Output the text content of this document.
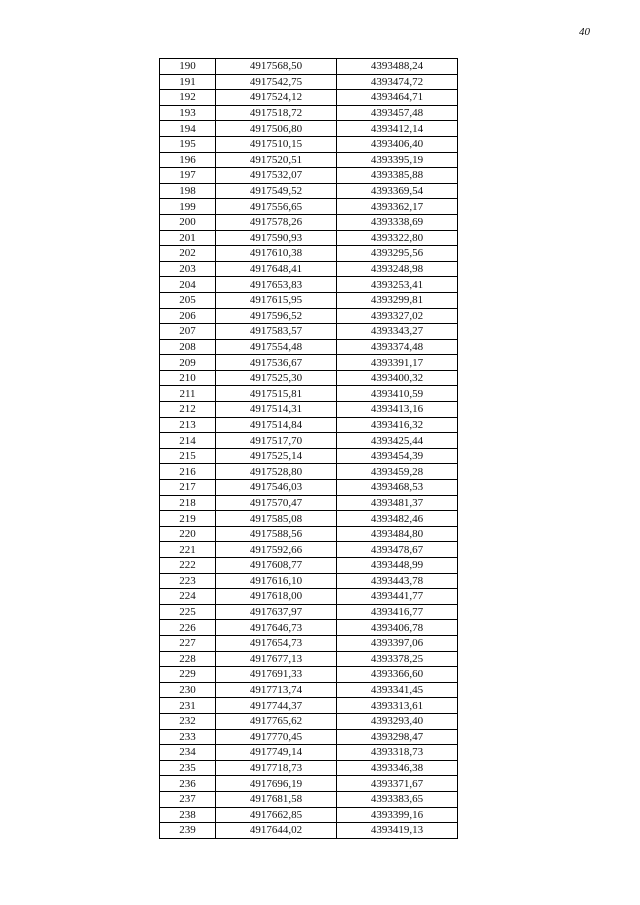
40
190	4917568,50	4393488,24
191	4917542,75	4393474,72
192	4917524,12	4393464,71
193	4917518,72	4393457,48
194	4917506,80	4393412,14
195	4917510,15	4393406,40
196	4917520,51	4393395,19
197	4917532,07	4393385,88
198	4917549,52	4393369,54
199	4917556,65	4393362,17
200	4917578,26	4393338,69
201	4917590,93	4393322,80
202	4917610,38	4393295,56
203	4917648,41	4393248,98
204	4917653,83	4393253,41
205	4917615,95	4393299,81
206	4917596,52	4393327,02
207	4917583,57	4393343,27
208	4917554,48	4393374,48
209	4917536,67	4393391,17
210	4917525,30	4393400,32
211	4917515,81	4393410,59
212	4917514,31	4393413,16
213	4917514,84	4393416,32
214	4917517,70	4393425,44
215	4917525,14	4393454,39
216	4917528,80	4393459,28
217	4917546,03	4393468,53
218	4917570,47	4393481,37
219	4917585,08	4393482,46
220	4917588,56	4393484,80
221	4917592,66	4393478,67
222	4917608,77	4393448,99
223	4917616,10	4393443,78
224	4917618,00	4393441,77
225	4917637,97	4393416,77
226	4917646,73	4393406,78
227	4917654,73	4393397,06
228	4917677,13	4393378,25
229	4917691,33	4393366,60
230	4917713,74	4393341,45
231	4917744,37	4393313,61
232	4917765,62	4393293,40
233	4917770,45	4393298,47
234	4917749,14	4393318,73
235	4917718,73	4393346,38
236	4917696,19	4393371,67
237	4917681,58	4393383,65
238	4917662,85	4393399,16
239	4917644,02	4393419,13
